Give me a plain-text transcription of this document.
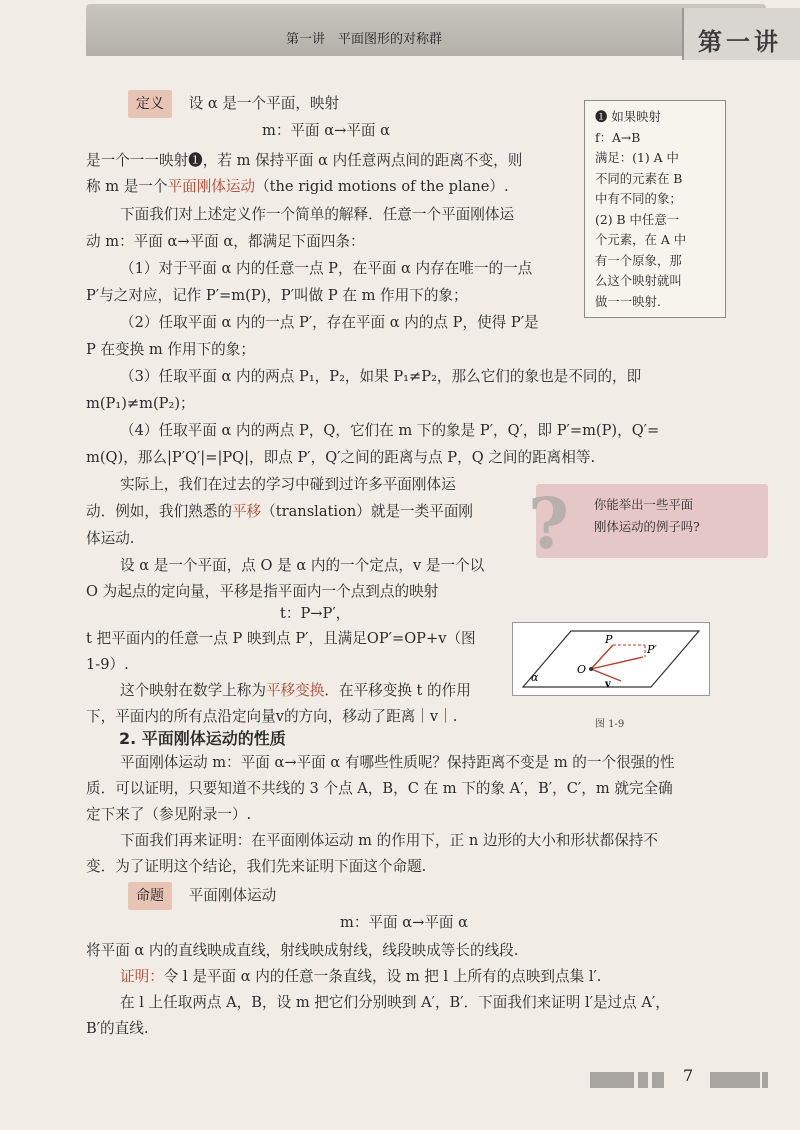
第一讲　平面图形的对称群	第一讲
定义 设 α 是一个平面，映射
m：平面 α→平面 α
是一个一一映射❶，若 m 保持平面 α 内任意两点间的距离不变，则
称 m 是一个平面刚体运动（the rigid motions of the plane）.
下面我们对上述定义作一个简单的解释．任意一个平面刚体运
动 m：平面 α→平面 α，都满足下面四条：
（1）对于平面 α 内的任意一点 P，在平面 α 内存在唯一的一点
P′与之对应，记作 P′=m(P)，P′叫做 P 在 m 作用下的象；
（2）任取平面 α 内的一点 P′，存在平面 α 内的点 P，使得 P′是
P 在变换 m 作用下的象；
（3）任取平面 α 内的两点 P₁，P₂，如果 P₁≠P₂，那么它们的象也是不同的，即
m(P₁)≠m(P₂)；
（4）任取平面 α 内的两点 P，Q，它们在 m 下的象是 P′，Q′，即 P′=m(P)，Q′=
m(Q)，那么|P′Q′|=|PQ|，即点 P′，Q′之间的距离与点 P，Q 之间的距离相等.
实际上，我们在过去的学习中碰到过许多平面刚体运
动．例如，我们熟悉的平移（translation）就是一类平面刚
体运动.
设 α 是一个平面，点 O 是 α 内的一个定点，v 是一个以
O 为起点的定向量，平移是指平面内一个点到点的映射
t：P→P′，
t 把平面内的任意一点 P 映到点 P′，且满足OP′=OP+v（图
1-9）.
这个映射在数学上称为平移变换．在平移变换 t 的作用
下，平面内的所有点沿定向量v的方向，移动了距离｜v｜.
2. 平面刚体运动的性质
平面刚体运动 m：平面 α→平面 α 有哪些性质呢？保持距离不变是 m 的一个很强的性
质．可以证明，只要知道不共线的 3 个点 A，B，C 在 m 下的象 A′，B′，C′，m 就完全确
定下来了（参见附录一）.
下面我们再来证明：在平面刚体运动 m 的作用下，正 n 边形的大小和形状都保持不
变．为了证明这个结论，我们先来证明下面这个命题.
命题 平面刚体运动
m：平面 α→平面 α
将平面 α 内的直线映成直线，射线映成射线，线段映成等长的线段.
证明：令 l 是平面 α 内的任意一条直线，设 m 把 l 上所有的点映到点集 l′.
在 l 上任取两点 A，B，设 m 把它们分别映到 A′，B′．下面我们来证明 l′是过点 A′，
B′的直线.
❶ 如果映射
f：A→B
满足：(1) A 中
不同的元素在 B
中有不同的象；
(2) B 中任意一
个元素，在 A 中
有一个原象，那
么这个映射就叫
做一一映射.
? 你能举出一些平面
刚体运动的例子吗?
α
O
P
P′
v
图 1-9
7
